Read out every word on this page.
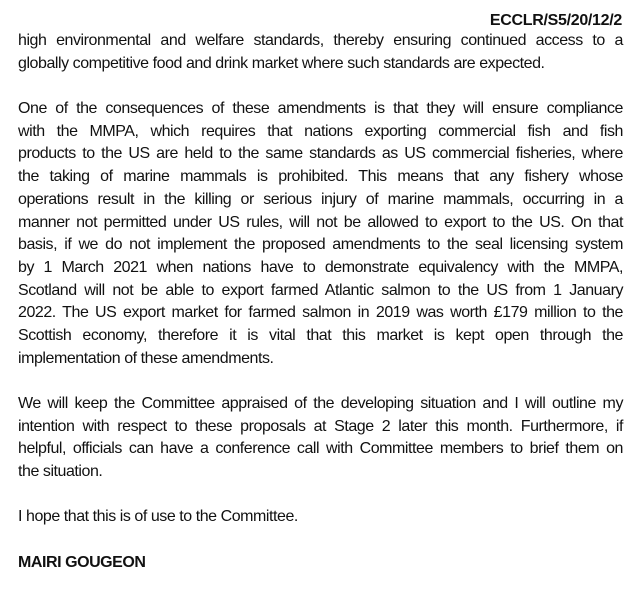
ECCLR/S5/20/12/2
high environmental and welfare standards, thereby ensuring continued access to a
globally competitive food and drink market where such standards are expected.
One of the consequences of these amendments is that they will ensure compliance
with the MMPA, which requires that nations exporting commercial fish and fish
products to the US are held to the same standards as US commercial fisheries, where
the taking of marine mammals is prohibited. This means that any fishery whose
operations result in the killing or serious injury of marine mammals, occurring in a
manner not permitted under US rules, will not be allowed to export to the US. On that
basis, if we do not implement the proposed amendments to the seal licensing system
by 1 March 2021 when nations have to demonstrate equivalency with the MMPA,
Scotland will not be able to export farmed Atlantic salmon to the US from 1 January
2022. The US export market for farmed salmon in 2019 was worth £179 million to the
Scottish economy, therefore it is vital that this market is kept open through the
implementation of these amendments.
We will keep the Committee appraised of the developing situation and I will outline my
intention with respect to these proposals at Stage 2 later this month. Furthermore, if
helpful, officials can have a conference call with Committee members to brief them on
the situation.
I hope that this is of use to the Committee.
MAIRI GOUGEON
